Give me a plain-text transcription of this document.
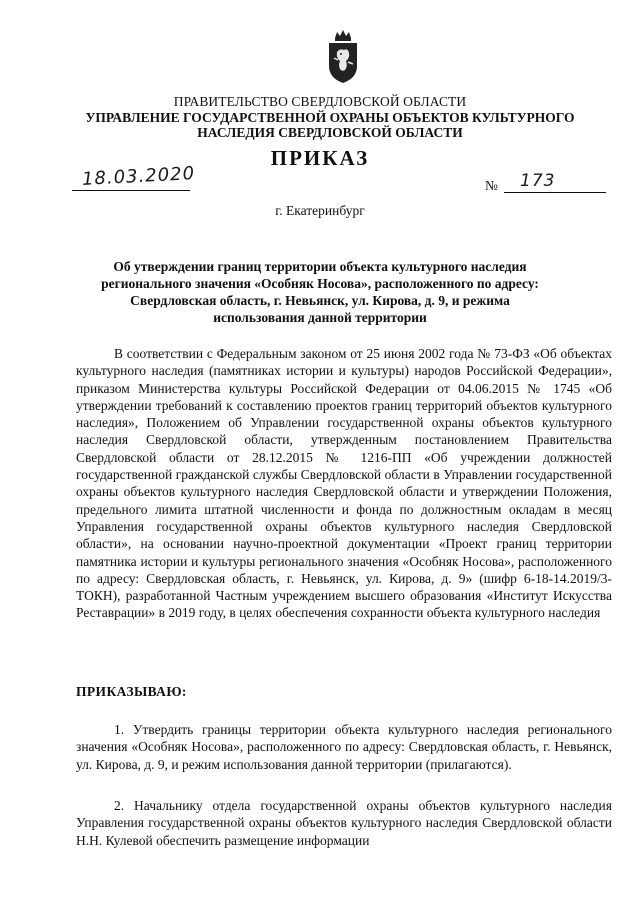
ПРАВИТЕЛЬСТВО СВЕРДЛОВСКОЙ ОБЛАСТИ
УПРАВЛЕНИЕ ГОСУДАРСТВЕННОЙ ОХРАНЫ ОБЪЕКТОВ КУЛЬТУРНОГО НАСЛЕДИЯ СВЕРДЛОВСКОЙ ОБЛАСТИ
ПРИКАЗ
18.03.2020	№ 173
г. Екатеринбург
Об утверждении границ территории объекта культурного наследия регионального значения «Особняк Носова», расположенного по адресу: Свердловская область, г. Невьянск, ул. Кирова, д. 9, и режима использования данной территории

В соответствии с Федеральным законом от 25 июня 2002 года № 73-ФЗ «Об объектах культурного наследия (памятниках истории и культуры) народов Российской Федерации», приказом Министерства культуры Российской Федерации от 04.06.2015 № 1745 «Об утверждении требований к составлению проектов границ территорий объектов культурного наследия», Положением об Управлении государственной охраны объектов культурного наследия Свердловской области, утвержденным постановлением Правительства Свердловской области от 28.12.2015 № 1216-ПП «Об учреждении должностей государственной гражданской службы Свердловской области в Управлении государственной охраны объектов культурного наследия Свердловской области и утверждении Положения, предельного лимита штатной численности и фонда по должностным окладам в месяц Управления государственной охраны объектов культурного наследия Свердловской области», на основании научно-проектной документации «Проект границ территории памятника истории и культуры регионального значения «Особняк Носова», расположенного по адресу: Свердловская область, г. Невьянск, ул. Кирова, д. 9» (шифр 6-18-14.2019/3-ТОКН), разработанной Частным учреждением высшего образования «Институт Искусства Реставрации» в 2019 году, в целях обеспечения сохранности объекта культурного наследия

ПРИКАЗЫВАЮ:

1. Утвердить границы территории объекта культурного наследия регионального значения «Особняк Носова», расположенного по адресу: Свердловская область, г. Невьянск, ул. Кирова, д. 9, и режим использования данной территории (прилагаются).

2. Начальнику отдела государственной охраны объектов культурного наследия Управления государственной охраны объектов культурного наследия Свердловской области Н.Н. Кулевой обеспечить размещение информации
